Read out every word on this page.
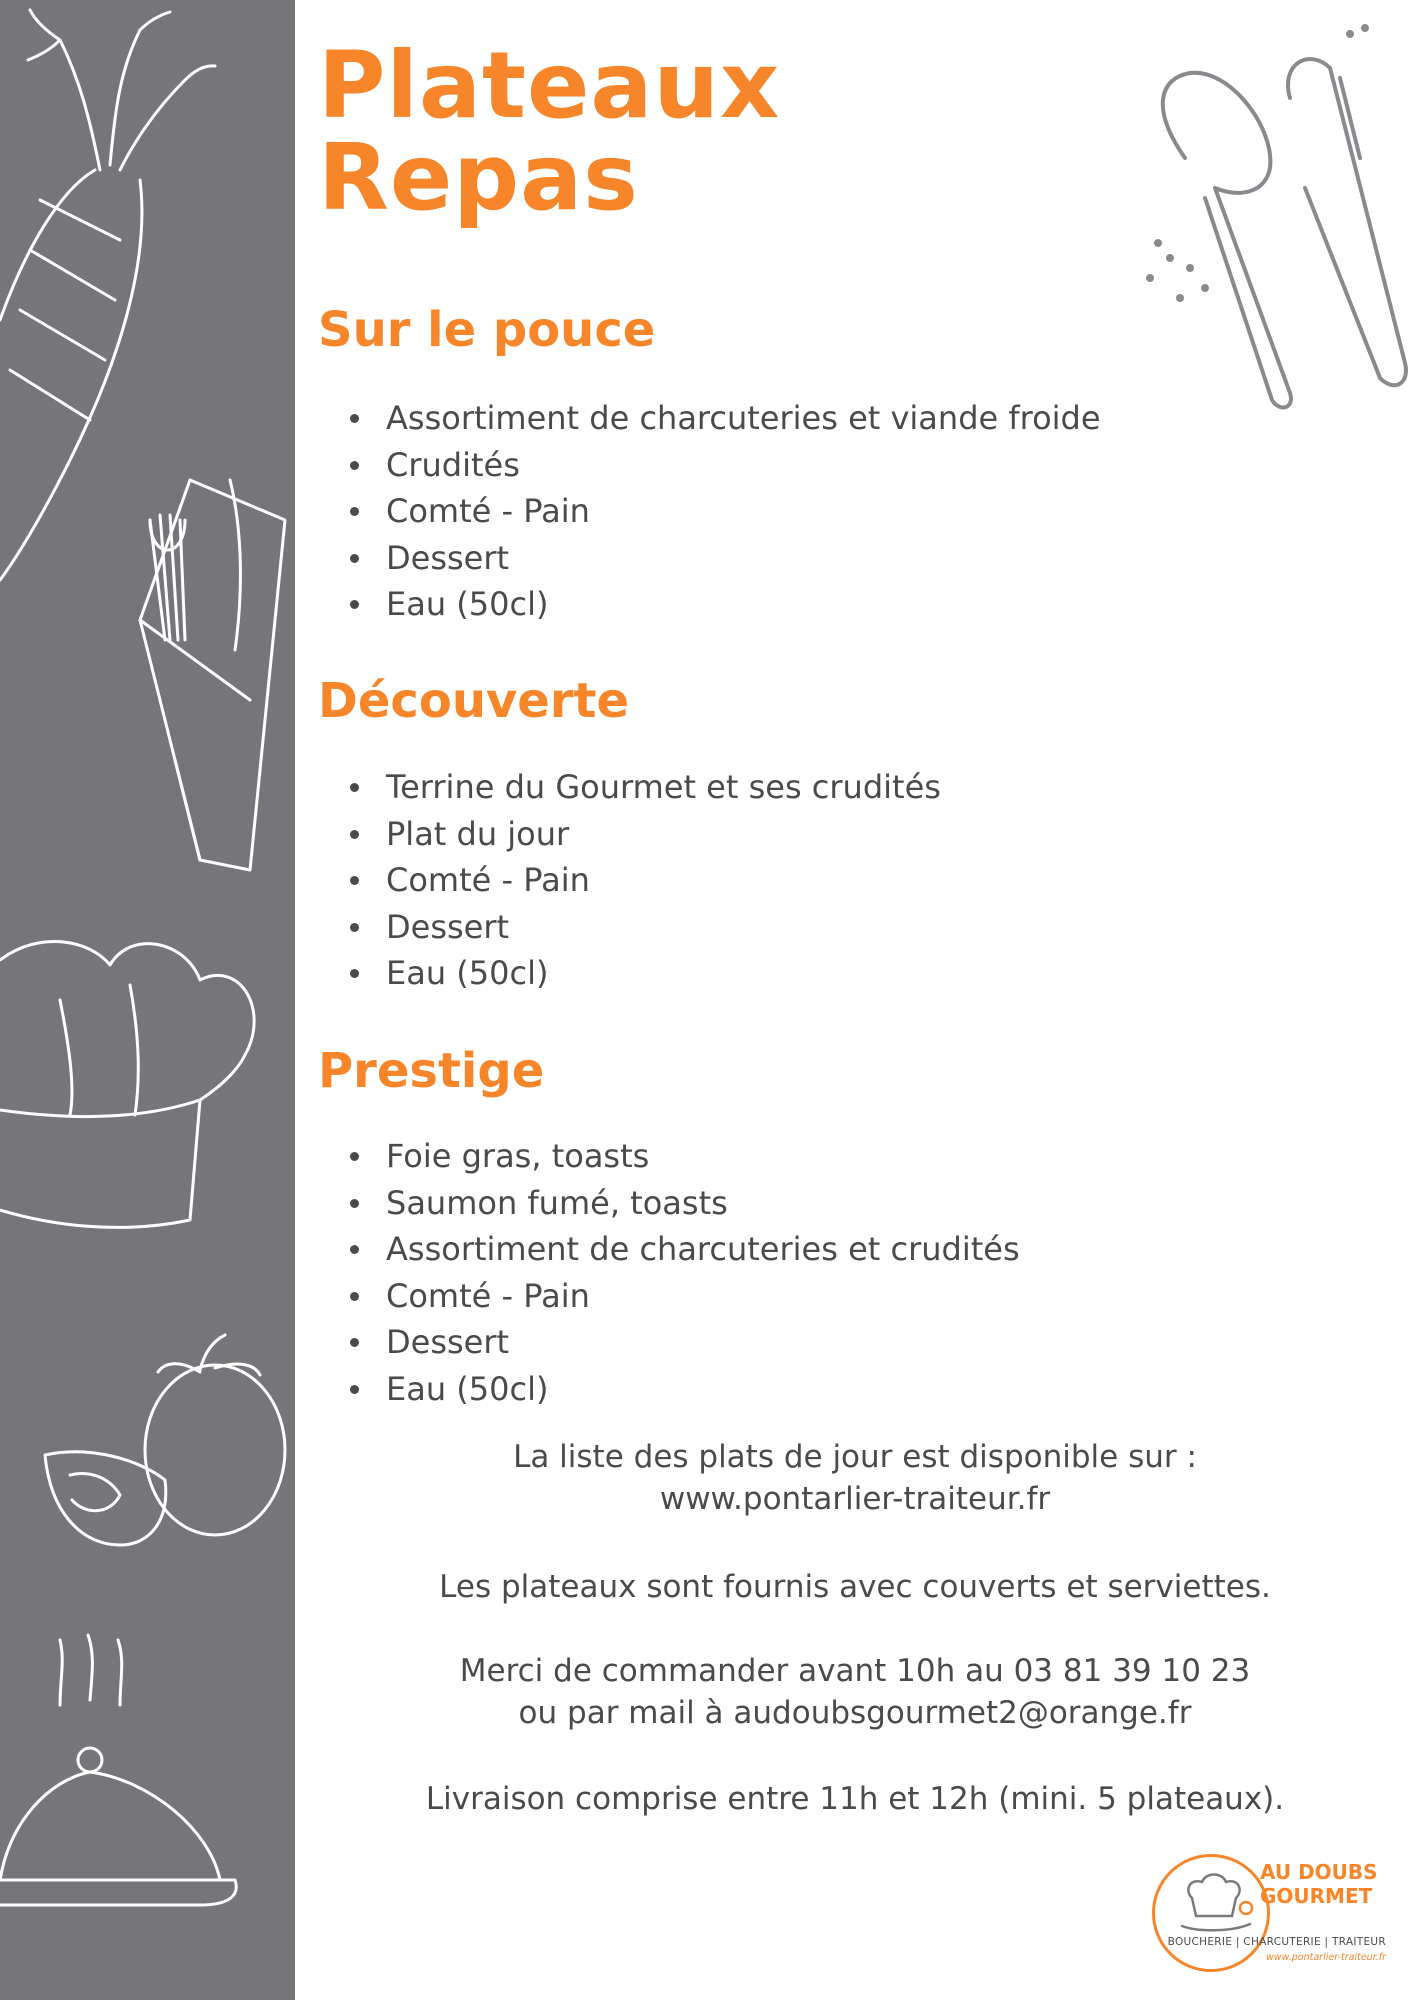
Plateaux
Repas
Sur le pouce
Assortiment de charcuteries et viande froide
Crudités
Comté - Pain
Dessert
Eau (50cl)
Découverte
Terrine du Gourmet et ses crudités
Plat du jour
Comté - Pain
Dessert
Eau (50cl)
Prestige
Foie gras, toasts
Saumon fumé, toasts
Assortiment de charcuteries et crudités
Comté - Pain
Dessert
Eau (50cl)

La liste des plats de jour est disponible sur :
www.pontarlier-traiteur.fr

Les plateaux sont fournis avec couverts et serviettes.

Merci de commander avant 10h au 03 81 39 10 23
ou par mail à audoubsgourmet2@orange.fr

Livraison comprise entre 11h et 12h (mini. 5 plateaux).

AU DOUBS
GOURMET
BOUCHERIE | CHARCUTERIE | TRAITEUR
www.pontarlier-traiteur.fr
